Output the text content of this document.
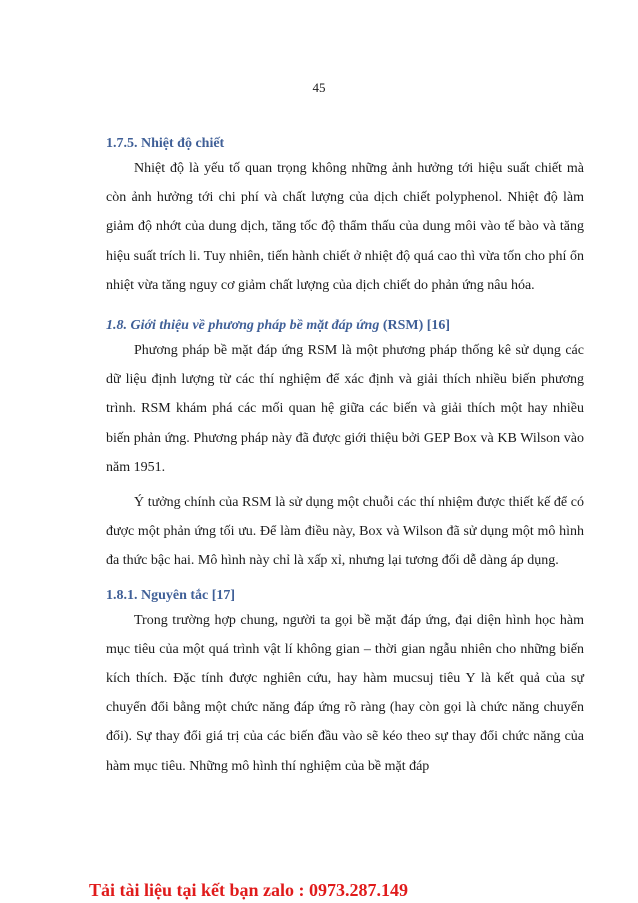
45
1.7.5. Nhiệt độ chiết

Nhiệt độ là yếu tố quan trọng không những ảnh hưởng tới hiệu suất chiết mà còn ảnh hưởng tới chi phí và chất lượng của dịch chiết polyphenol. Nhiệt độ làm giảm độ nhớt của dung dịch, tăng tốc độ thẩm thấu của dung môi vào tế bào và tăng hiệu suất trích li. Tuy nhiên, tiến hành chiết ở nhiệt độ quá cao thì vừa tốn cho phí ổn nhiệt vừa tăng nguy cơ giảm chất lượng của dịch chiết do phản ứng nâu hóa.

1.8. Giới thiệu về phương pháp bề mặt đáp ứng (RSM) [16]

Phương pháp bề mặt đáp ứng RSM là một phương pháp thống kê sử dụng các dữ liệu định lượng từ các thí nghiệm để xác định và giải thích nhiều biến phương trình. RSM khám phá các mối quan hệ giữa các biến và giải thích một hay nhiều biến phản ứng. Phương pháp này đã được giới thiệu bởi GEP Box và KB Wilson vào năm 1951.

Ý tưởng chính của RSM là sử dụng một chuỗi các thí nhiệm được thiết kế để có được một phản ứng tối ưu. Để làm điều này, Box và Wilson đã sử dụng một mô hình đa thức bậc hai. Mô hình này chỉ là xấp xỉ, nhưng lại tương đối dễ dàng áp dụng.

1.8.1. Nguyên tắc [17]

Trong trường hợp chung, người ta gọi bề mặt đáp ứng, đại diện hình học hàm mục tiêu của một quá trình vật lí không gian – thời gian ngẫu nhiên cho những biến kích thích. Đặc tính được nghiên cứu, hay hàm mucsuj tiêu Y là kết quả của sự chuyển đổi bằng một chức năng đáp ứng rõ ràng (hay còn gọi là chức năng chuyển đổi). Sự thay đổi giá trị của các biến đầu vào sẽ kéo theo sự thay đổi chức năng của hàm mục tiêu. Những mô hình thí nghiệm của bề mặt đáp

Tải tài liệu tại kết bạn zalo : 0973.287.149
